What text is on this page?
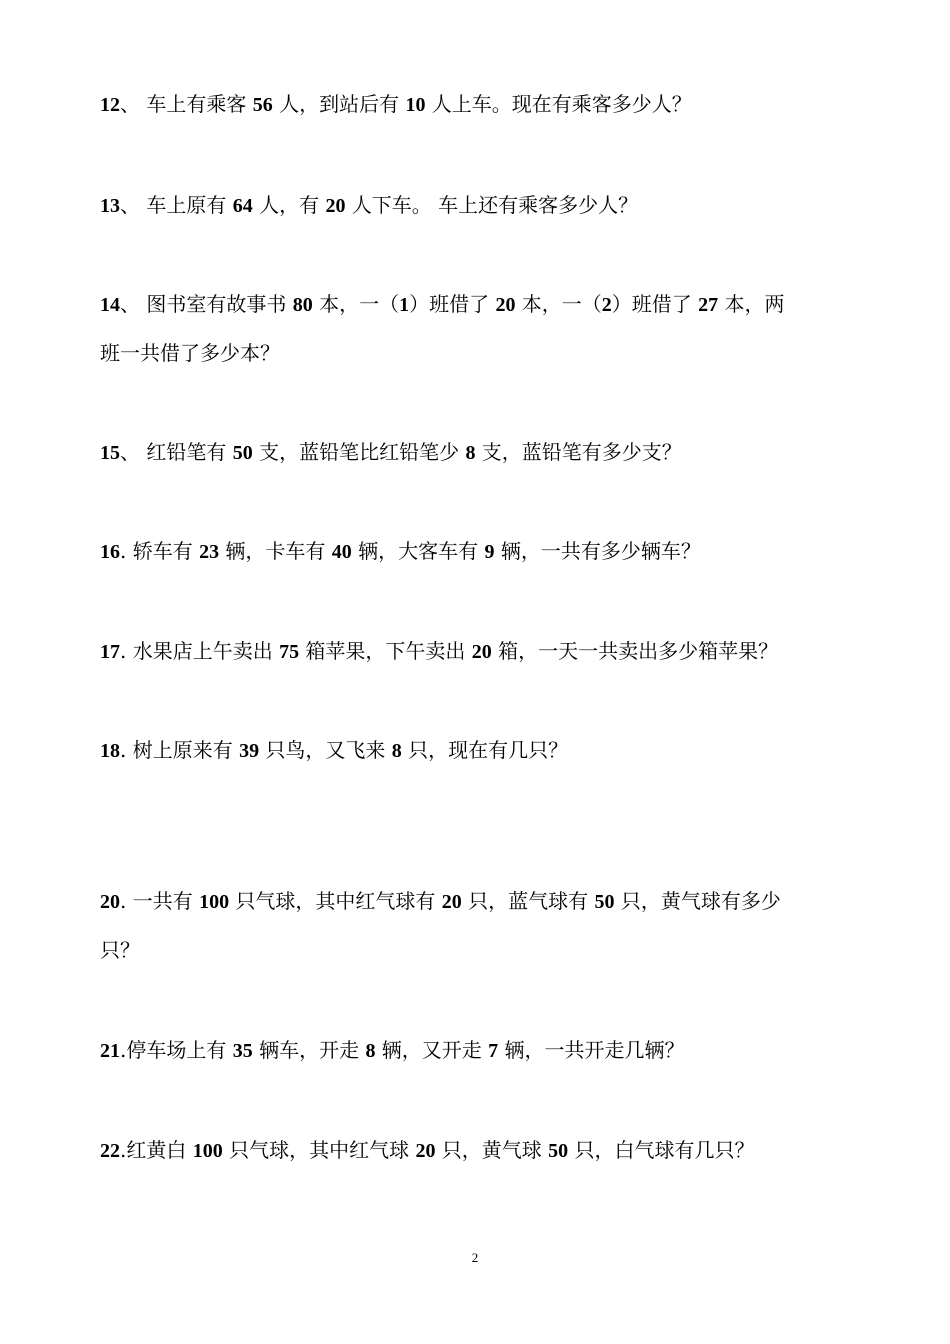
12、 车上有乘客 56 人，到站后有 10 人上车。现在有乘客多少人？
13、 车上原有 64 人，有 20 人下车。 车上还有乘客多少人？
14、 图书室有故事书 80 本，一（1）班借了 20 本，一（2）班借了 27 本，两
班一共借了多少本？
15、 红铅笔有 50 支，蓝铅笔比红铅笔少 8 支，蓝铅笔有多少支？
16. 轿车有 23 辆，卡车有 40 辆，大客车有 9 辆，一共有多少辆车？
17. 水果店上午卖出 75 箱苹果，下午卖出 20 箱，一天一共卖出多少箱苹果？
18. 树上原来有 39 只鸟，又飞来 8 只，现在有几只？
20. 一共有 100 只气球，其中红气球有 20 只，蓝气球有 50 只，黄气球有多少
只？
21.停车场上有 35 辆车，开走 8 辆，又开走 7 辆，一共开走几辆？
22.红黄白 100 只气球，其中红气球 20 只，黄气球 50 只，白气球有几只？
2
